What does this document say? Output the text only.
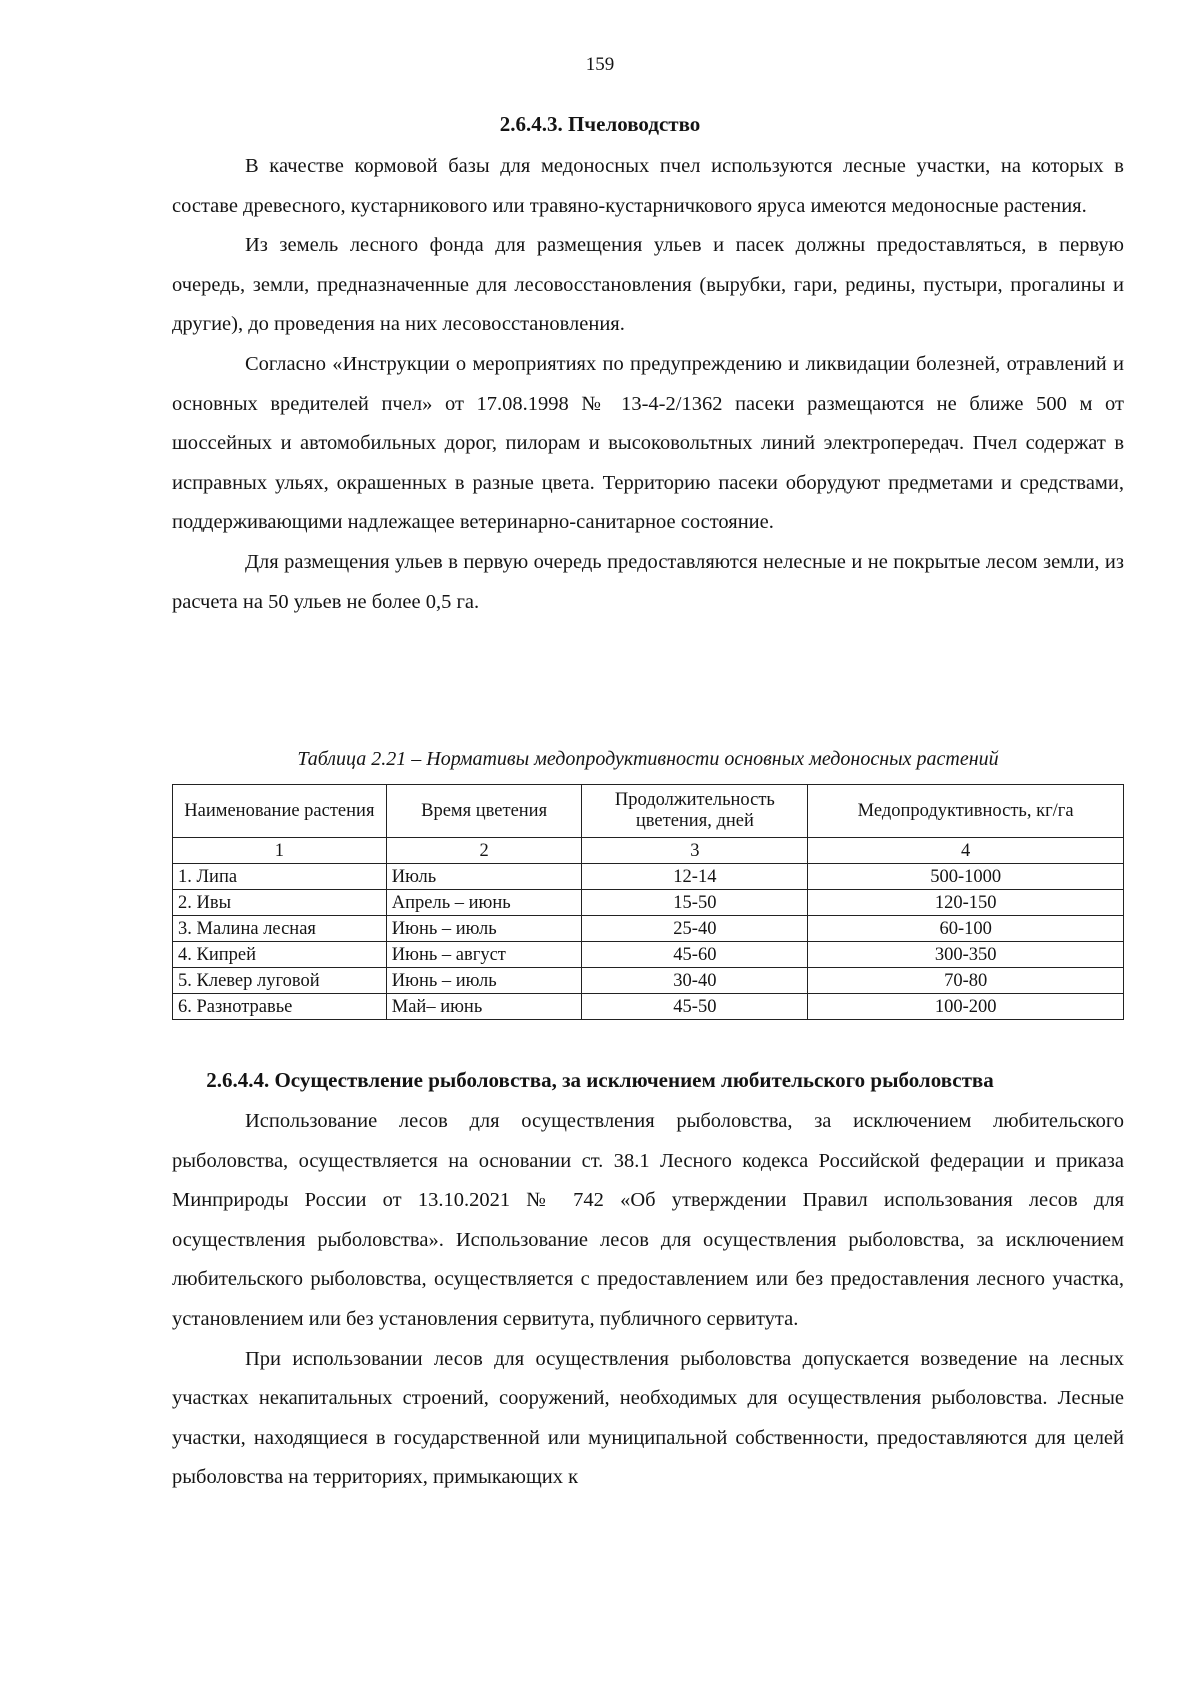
159
2.6.4.3. Пчеловодство

В качестве кормовой базы для медоносных пчел используются лесные участки, на которых в составе древесного, кустарникового или травяно-кустарничкового яруса имеются медоносные растения.

Из земель лесного фонда для размещения ульев и пасек должны предоставляться, в первую очередь, земли, предназначенные для лесовосстановления (вырубки, гари, редины, пустыри, прогалины и другие), до проведения на них лесовосстановления.

Согласно «Инструкции о мероприятиях по предупреждению и ликвидации болезней, отравлений и основных вредителей пчел» от 17.08.1998 № 13-4-2/1362 пасеки размещаются не ближе 500 м от шоссейных и автомобильных дорог, пилорам и высоковольтных линий электропередач. Пчел содержат в исправных ульях, окрашенных в разные цвета. Территорию пасеки оборудуют предметами и средствами, поддерживающими надлежащее ветеринарно-санитарное состояние.

Для размещения ульев в первую очередь предоставляются нелесные и не покрытые лесом земли, из расчета на 50 ульев не более 0,5 га.

Таблица 2.21 – Нормативы медопродуктивности основных медоносных растений
Наименование растения	Время цветения	Продолжительность цветения, дней	Медопродуктивность, кг/га
1	2	3	4
1. Липа	Июль	12-14	500-1000
2. Ивы	Апрель – июнь	15-50	120-150
3. Малина лесная	Июнь – июль	25-40	60-100
4. Кипрей	Июнь – август	45-60	300-350
5. Клевер луговой	Июнь – июль	30-40	70-80
6. Разнотравье	Май– июнь	45-50	100-200
2.6.4.4. Осуществление рыболовства, за исключением любительского рыболовства

Использование лесов для осуществления рыболовства, за исключением любительского рыболовства, осуществляется на основании ст. 38.1 Лесного кодекса Российской федерации и приказа Минприроды России от 13.10.2021 № 742 «Об утверждении Правил использования лесов для осуществления рыболовства». Использование лесов для осуществления рыболовства, за исключением любительского рыболовства, осуществляется с предоставлением или без предоставления лесного участка, установлением или без установления сервитута, публичного сервитута.

При использовании лесов для осуществления рыболовства допускается возведение на лесных участках некапитальных строений, сооружений, необходимых для осуществления рыболовства. Лесные участки, находящиеся в государственной или муниципальной собственности, предоставляются для целей рыболовства на территориях, примыкающих к
